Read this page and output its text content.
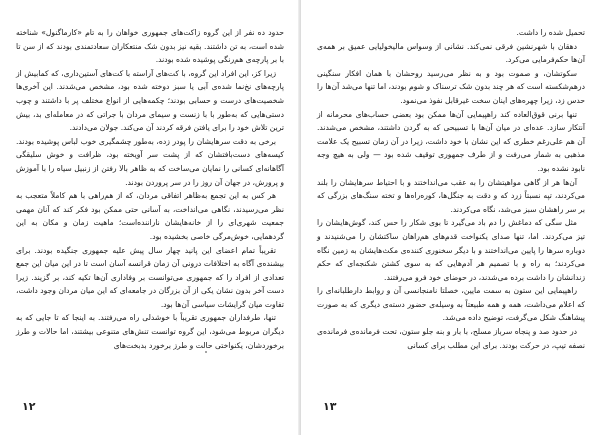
حدود ده نفر از این گروه زاکت‌های جمهوری خواهان را به تام «کارماگنول» شناخته شده است، به تن داشتند. بقیه نیز بدون شک منتعکاران سعادتمندی بودند که از سن تا با بر پارچه‌ی هم‌رنگی پوشیده شده بودند.

زیرا کز، این افراد این گروه، با کت‌های آراسته با کت‌های آستین‌داری، که کمابیش از پارچه‌های نخ‌نما شده‌ی آبی یا سبز دوخته شده بود، مشخص می‌شدند. این آخری‌ها شخصیت‌های درست و حسابی بودند؛ چکمه‌هایی از انواع مختلف پر با داشتند و چوب دستی‌هایی که به‌طور با با زنست و سیمای مردان با جراتی که در معامله‌ای بد، بیش ترین تلاش خود را برای یافتن فرقه کردند آن می‌کند. جولان می‌دادند.

برخی به دقت سرهایشان را پودر زده، به‌طور چشمگیری خوب لباس پوشیده بودند. کیسه‌های دست‌بافتشان که از پشت سر آویخته بود، ظرافت و خوش سلیقگی آگاهانه‌ای کسانی را نمایان می‌ساخت که به ظاهر بالا رفتن از زنبیل سیاه را با آموزش و پرورش، در جهان آن روز را در سر پروردن بودند.

هر کس به این تجمع به‌ظاهر اتفاقی مردان، که از هم‌راهی با هم کاملاً متعجب به نظر می‌رسیدند، نگاهی می‌انداخت، به آسانی حتی ممکن بود فکر کند که آنان مهمی جمعیت شهری‌ای را از خانه‌هایشان ناراننده‌است؛ ماهیت زمان و مکان به این گردهمایی، خوش‌مرگی خاصی بخشیده بود.

تقریباً تمام اعضای این پانید چهار سال پیش علیه جمهوری جنگیده بودند. برای بیشنده‌ی آگاه به اختلافات درونی آن زمان قرانسه آسان است تا در این میان این جمع تعدادی از افراد را که جمهوری می‌توانست بر وفاداری آن‌ها تکیه کند، بر گزیند. زیرا دست آخر بدون نشان‌ یکی از آن بزرگان در جامعه‌ای که این میان مردان وجود داشت، تفاوت میان گرایشات سیاسی آن‌ها بود.

تنها، طرفداران جمهوری تقریباً با خوشدلی راه می‌رفتند. به اینجا که تا جایی که به دیگران مربوط می‌شود، این گروه توانست تنش‌های متنوعی بیشتند، اما حالات و طرز برخوردشان، یکنواختی حالت و طرز برخورد بدبخت‌های

۱۲

تحمیل شده را داشت.

دهقان با شهرنشین فرقی نمی‌کند. نشانی از وسواس مالیخولیایی عمیق بر همه‌ی آن‌ها حکم‌فرمایی می‌کرد.

سکوتشان، و صموت بود و به نظر می‌رسید روحشان با همان افکار سنگینی درهم‌شکسته است که هر چند بدون شک ترسناک و شوم بودند، اما تنها می‌شد آن‌ها را حدس زد، زیرا چهره‌های اینان سخت غیرقابل نفوذ می‌نمود.

تنها برنی قوق‌العاده کند راهپیمایی آن‌ها ممکن بود بعضی حساب‌های محرمانه از آنتکار سازد. عده‌ای در میان آن‌ها با تسبیحی که به گردن داشتند، مشخص می‌شدند. آن هم علی‌رغم خطری که این نشان با خود داشت، زیرا در آن زمان تسبیح یک علامت مذهبی به شمار می‌رفت و از طرف جمهوری توقیف شده بود — ولی به هیچ وجه نابود نشده بود.

آن‌ها هر از گاهی مواهیتشان را به عقب می‌انداختند و با احتیاط سرهایشان را بلند می‌کردند، تپه نسبتاً زرد که و دقت به جنگل‌ها، کوره‌راه‌ها و تخته سنگ‌های بزرگی که بر سر راهشان سبز می‌شد، نگاه می‌کردند.

مثل سگی که دماغش را دم باد می‌گیرد تا بوی شکار را حس کند، گوش‌هایشان را تیز می‌کردند. اما، تنها صدای یکنواخت قدم‌های هم‌راهان ساکتشان را می‌شنیدند و دوباره سرها را پایین می‌انداختند و با دیگر سخنوری کننده‌ی مکث‌هایشان به زمین نگاه می‌کردند؛ به راه و با تصمیم هر آدم‌هایی که به سوی کشتن شکنجه‌ای که حکم زندانشان را داشت برده می‌شدند، در حوضای خود فرو می‌رفتند.

راهپیمایی این ستون به سمت مایین، خصلتا نامنجانسی آن و روابط دارطلبانه‌ای را که اعلام می‌داشت، همه و همه طبیعتاً به وسیله‌ی حضور دسته‌ی دیگری که به صورت پیشاهنگ شکل می‌گرفت، توضیح داده می‌شد.

در حدود صد و پنجاه سرباز مسلح، با بار و بنه جلو ستون، تحت فرمانده‌ی فرمانده‌ی نصفه‌ تیپ، در حرکت بودند. برای این مطلب برای کسانی

۱۳
